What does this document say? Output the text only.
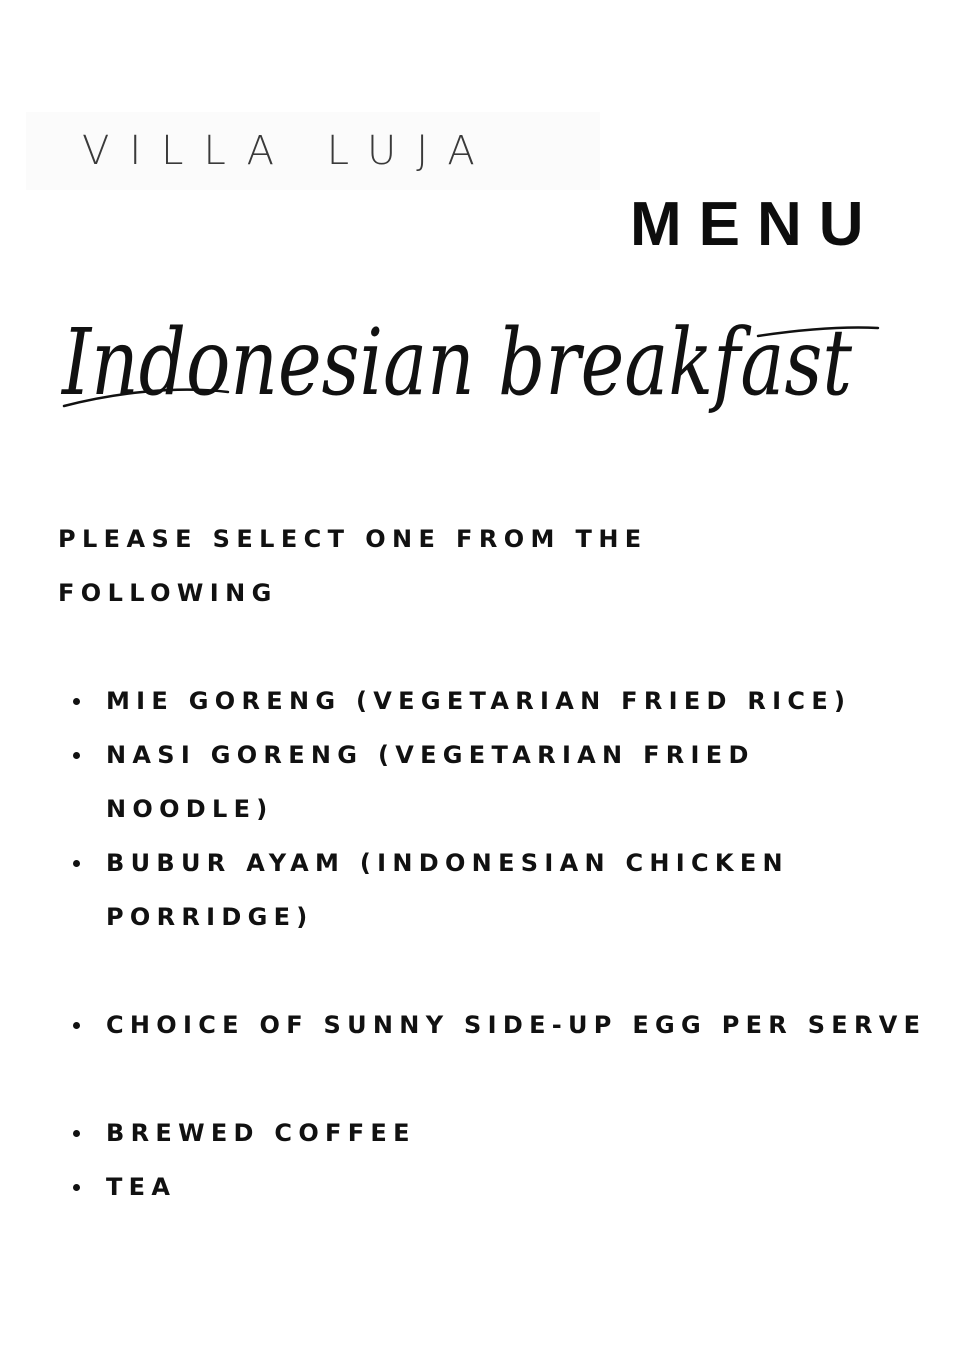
VILLA LUJA
MENU
Indonesian breakfast

PLEASE SELECT ONE FROM THE FOLLOWING

MIE GORENG (VEGETARIAN FRIED RICE)
NASI GORENG (VEGETARIAN FRIED NOODLE)
BUBUR AYAM (INDONESIAN CHICKEN PORRIDGE)
CHOICE OF SUNNY SIDE-UP EGG PER SERVE
BREWED COFFEE
TEA
